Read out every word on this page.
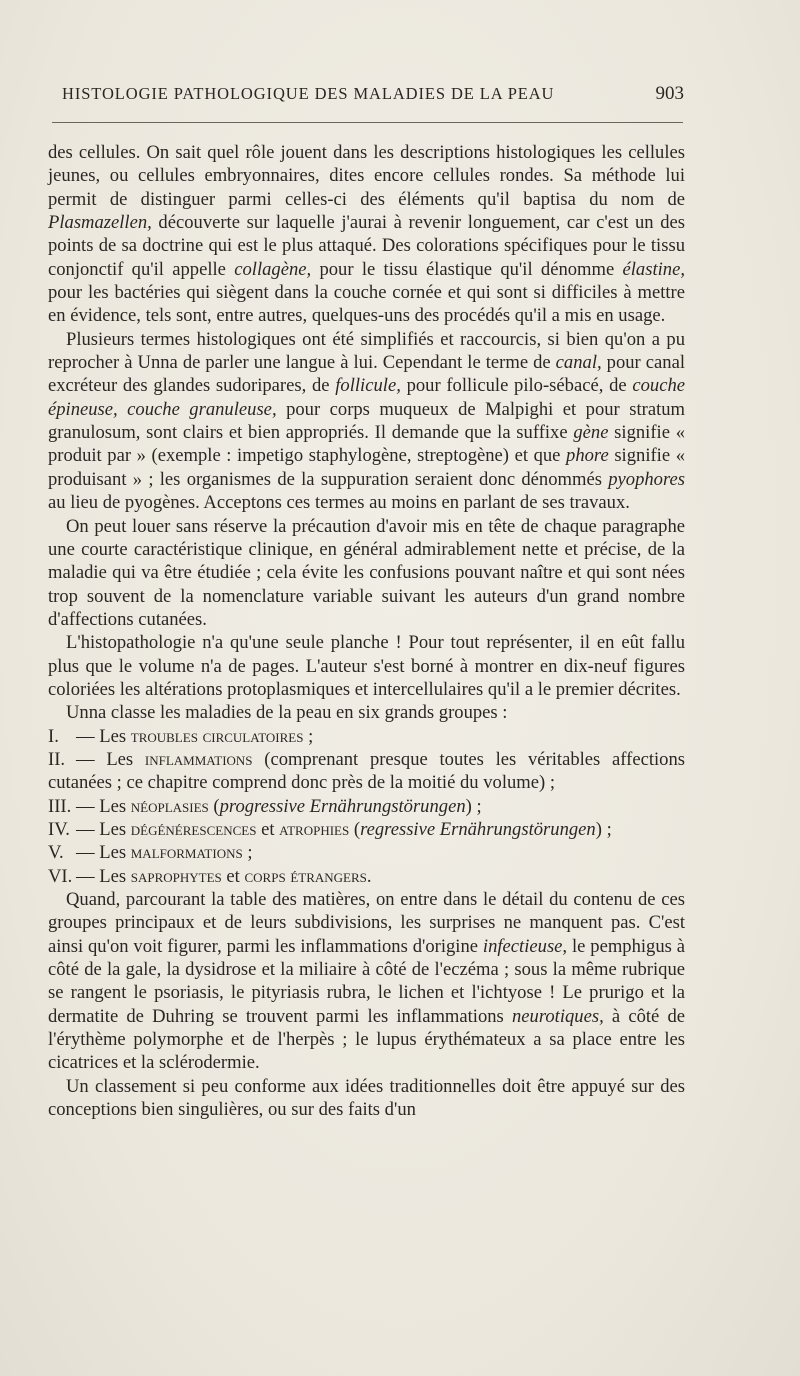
HISTOLOGIE PATHOLOGIQUE DES MALADIES DE LA PEAU	903

des cellules. On sait quel rôle jouent dans les descriptions histologiques les cellules jeunes, ou cellules embryonnaires, dites encore cellules rondes. Sa méthode lui permit de distinguer parmi celles-ci des éléments qu'il baptisa du nom de Plasmazellen, découverte sur laquelle j'aurai à revenir longuement, car c'est un des points de sa doctrine qui est le plus attaqué. Des colorations spécifiques pour le tissu conjonctif qu'il appelle collagène, pour le tissu élastique qu'il dénomme élastine, pour les bactéries qui siègent dans la couche cornée et qui sont si difficiles à mettre en évidence, tels sont, entre autres, quelques-uns des procédés qu'il a mis en usage.

Plusieurs termes histologiques ont été simplifiés et raccourcis, si bien qu'on a pu reprocher à Unna de parler une langue à lui. Cependant le terme de canal, pour canal excréteur des glandes sudoripares, de follicule, pour follicule pilo-sébacé, de couche épineuse, couche granuleuse, pour corps muqueux de Malpighi et pour stratum granulosum, sont clairs et bien appropriés. Il demande que la suffixe gène signifie « produit par » (exemple : impetigo staphylogène, streptogène) et que phore signifie « produisant » ; les organismes de la suppuration seraient donc dénommés pyophores au lieu de pyogènes. Acceptons ces termes au moins en parlant de ses travaux.

On peut louer sans réserve la précaution d'avoir mis en tête de chaque paragraphe une courte caractéristique clinique, en général admirablement nette et précise, de la maladie qui va être étudiée ; cela évite les confusions pouvant naître et qui sont nées trop souvent de la nomenclature variable suivant les auteurs d'un grand nombre d'affections cutanées.

L'histopathologie n'a qu'une seule planche ! Pour tout représenter, il en eût fallu plus que le volume n'a de pages. L'auteur s'est borné à montrer en dix-neuf figures coloriées les altérations protoplasmiques et intercellulaires qu'il a le premier décrites.

Unna classe les maladies de la peau en six grands groupes :

I. — Les troubles circulatoires ;
II. — Les inflammations (comprenant presque toutes les véritables affections cutanées ; ce chapitre comprend donc près de la moitié du volume) ;
III. — Les néoplasies (progressive Ernährungstörungen) ;
IV. — Les dégénérescences et atrophies (regressive Ernährungstörungen) ;
V. — Les malformations ;
VI. — Les saprophytes et corps étrangers.

Quand, parcourant la table des matières, on entre dans le détail du contenu de ces groupes principaux et de leurs subdivisions, les surprises ne manquent pas. C'est ainsi qu'on voit figurer, parmi les inflammations d'origine infectieuse, le pemphigus à côté de la gale, la dysidrose et la miliaire à côté de l'eczéma ; sous la même rubrique se rangent le psoriasis, le pityriasis rubra, le lichen et l'ichtyose ! Le prurigo et la dermatite de Duhring se trouvent parmi les inflammations neurotiques, à côté de l'érythème polymorphe et de l'herpès ; le lupus érythémateux a sa place entre les cicatrices et la sclérodermie.

Un classement si peu conforme aux idées traditionnelles doit être appuyé sur des conceptions bien singulières, ou sur des faits d'un
